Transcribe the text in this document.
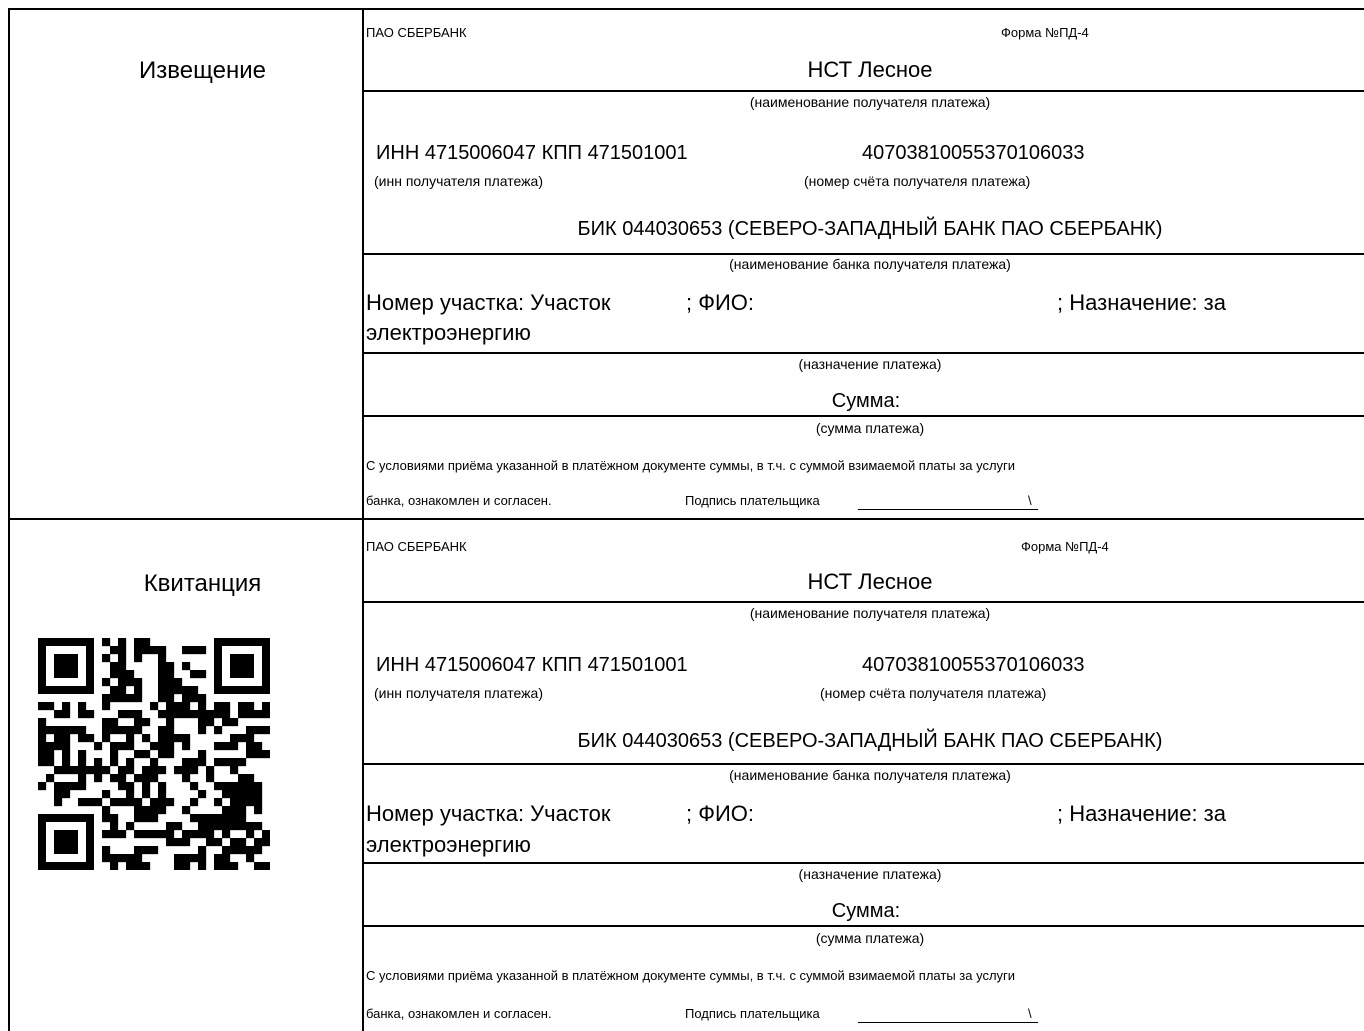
Извещение
ПАО СБЕРБАНК	Форма №ПД-4
НСТ Лесное
(наименование получателя платежа)
ИНН 4715006047 КПП 471501001	40703810055370106033
(инн получателя платежа)	(номер счёта получателя платежа)
БИК 044030653 (СЕВЕРО-ЗАПАДНЫЙ БАНК ПАО СБЕРБАНК)
(наименование банка получателя платежа)
Номер участка: Участок	; ФИО:	; Назначение: за
электроэнергию
(назначение платежа)
Сумма:
(сумма платежа)
С условиями приёма указанной в платёжном документе суммы, в т.ч. с суммой взимаемой платы за услуги
банка, ознакомлен и согласен.	Подпись плательщика	\
Квитанция
ПАО СБЕРБАНК	Форма №ПД-4
НСТ Лесное
(наименование получателя платежа)
ИНН 4715006047 КПП 471501001	40703810055370106033
(инн получателя платежа)	(номер счёта получателя платежа)
БИК 044030653 (СЕВЕРО-ЗАПАДНЫЙ БАНК ПАО СБЕРБАНК)
(наименование банка получателя платежа)
Номер участка: Участок	; ФИО:	; Назначение: за
электроэнергию
(назначение платежа)
Сумма:
(сумма платежа)
С условиями приёма указанной в платёжном документе суммы, в т.ч. с суммой взимаемой платы за услуги
банка, ознакомлен и согласен.	Подпись плательщика	\
